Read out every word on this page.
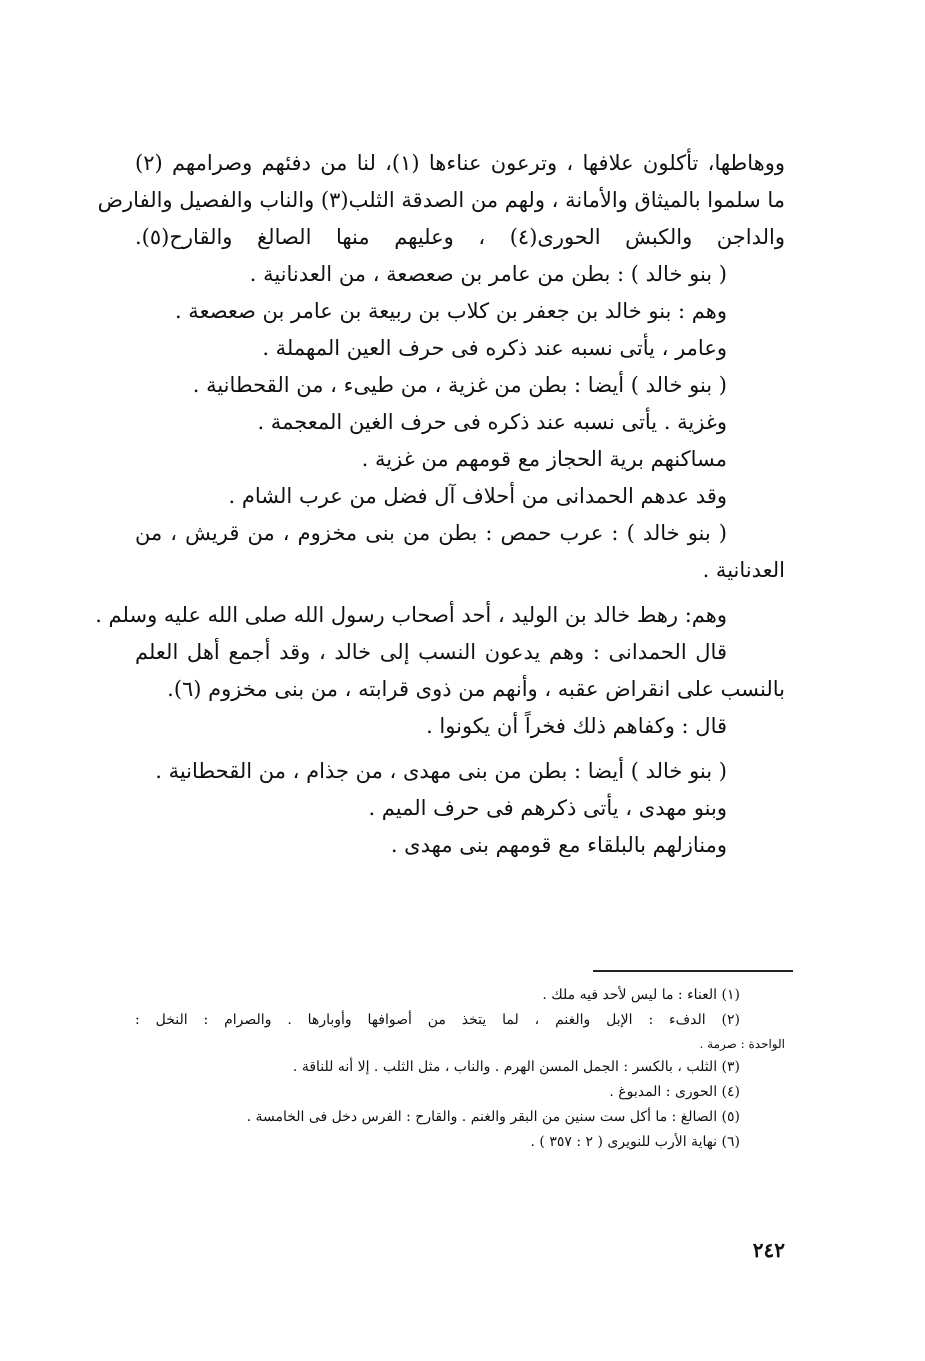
ووهاطها، تأكلون علافها ، وترعون عناءها (١)، لنا من دفئهم وصرامهم (٢)
ما سلموا بالميثاق والأمانة ، ولهم من الصدقة الثلب(٣) والناب والفصيل والفارض
والداجن والكبش الحورى(٤) ، وعليهم منها الصالغ والقارح(٥).
( بنو خالد ) : بطن من عامر بن صعصعة ، من العدنانية .
وهم : بنو خالد بن جعفر بن كلاب بن ربيعة بن عامر بن صعصعة .
وعامر ، يأتى نسبه عند ذكره فى حرف العين المهملة .
( بنو خالد ) أيضا : بطن من غزية ، من طيىء ، من القحطانية .
وغزية . يأتى نسبه عند ذكره فى حرف الغين المعجمة .
مساكنهم برية الحجاز مع قومهم من غزية .
وقد عدهم الحمدانى من أحلاف آل فضل من عرب الشام .
( بنو خالد ) : عرب حمص : بطن من بنى مخزوم ، من قريش ، من
العدنانية .
وهم: رهط خالد بن الوليد ، أحد أصحاب رسول الله صلى الله عليه وسلم .
قال الحمدانى : وهم يدعون النسب إلى خالد ، وقد أجمع أهل العلم
بالنسب على انقراض عقبه ، وأنهم من ذوى قرابته ، من بنى مخزوم (٦).
قال : وكفاهم ذلك فخراً أن يكونوا .
( بنو خالد ) أيضا : بطن من بنى مهدى ، من جذام ، من القحطانية .
وبنو مهدى ، يأتى ذكرهم فى حرف الميم .
ومنازلهم بالبلقاء مع قومهم بنى مهدى .
(١) العناء : ما ليس لأحد فيه ملك .
(٢) الدفء : الإبل والغنم ، لما يتخذ من أصوافها وأوبارها . والصرام : النخل :
الواحدة : صرمة .
(٣) الثلب ، بالكسر : الجمل المسن الهرم . والناب ، مثل الثلب . إلا أنه للناقة .
(٤) الحورى : المدبوغ .
(٥) الصالغ : ما أكل ست سنين من البقر والغنم . والقارح : الفرس دخل فى الخامسة .
(٦) نهاية الأرب للنويرى ( ٢ : ٣٥٧ ) .
٢٤٢
